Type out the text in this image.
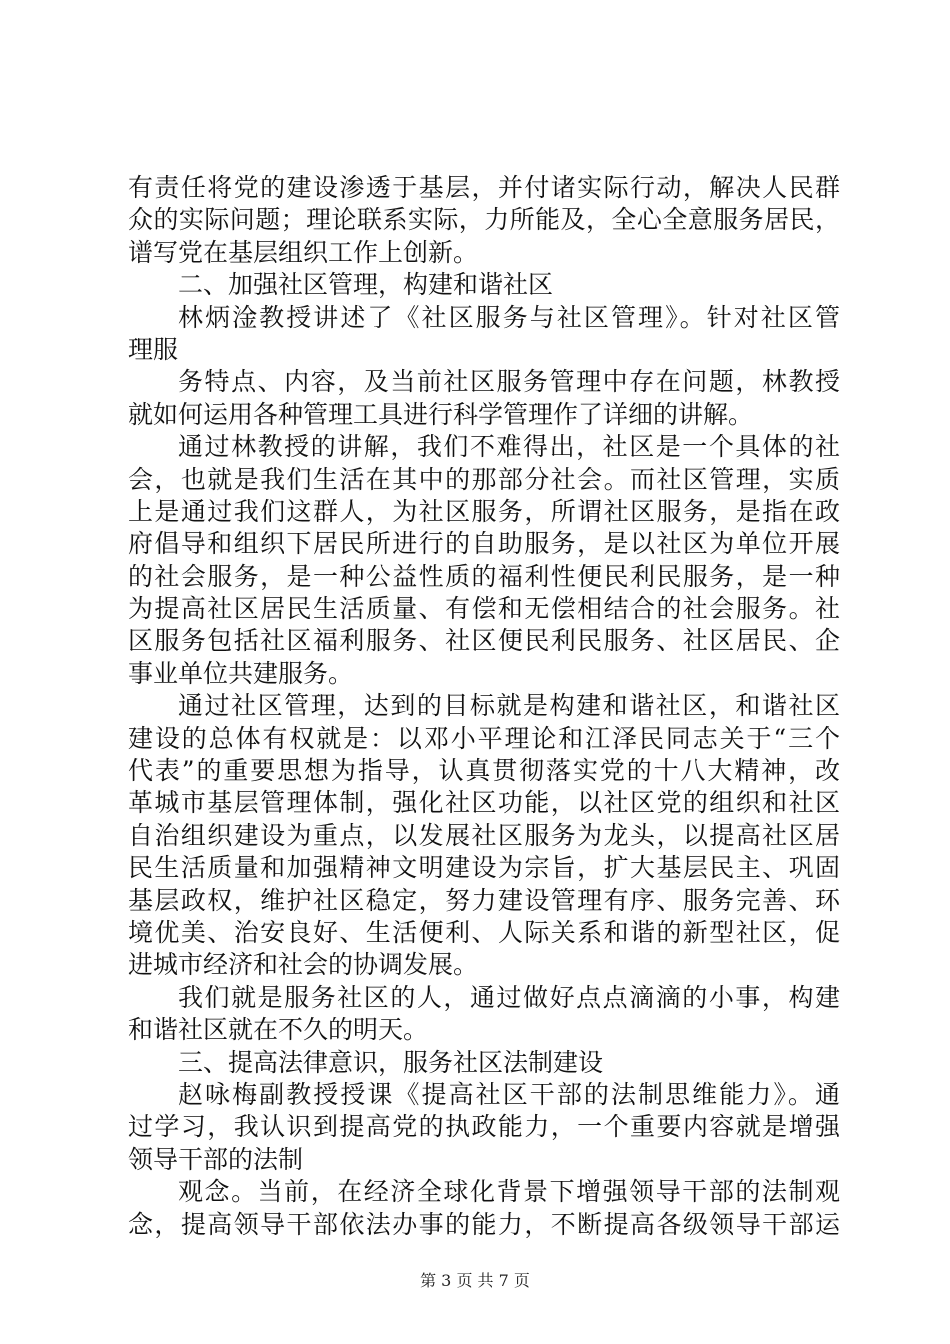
有责任将党的建设渗透于基层，并付诸实际行动，解决人民群
众的实际问题；理论联系实际，力所能及，全心全意服务居民，
谱写党在基层组织工作上创新。
二、加强社区管理，构建和谐社区
林炳淦教授讲述了《社区服务与社区管理》。针对社区管
理服
务特点、内容，及当前社区服务管理中存在问题，林教授
就如何运用各种管理工具进行科学管理作了详细的讲解。
通过林教授的讲解，我们不难得出，社区是一个具体的社
会，也就是我们生活在其中的那部分社会。而社区管理，实质
上是通过我们这群人，为社区服务，所谓社区服务，是指在政
府倡导和组织下居民所进行的自助服务，是以社区为单位开展
的社会服务，是一种公益性质的福利性便民利民服务，是一种
为提高社区居民生活质量、有偿和无偿相结合的社会服务。社
区服务包括社区福利服务、社区便民利民服务、社区居民、企
事业单位共建服务。
通过社区管理，达到的目标就是构建和谐社区，和谐社区
建设的总体有权就是：以邓小平理论和江泽民同志关于“三个
代表”的重要思想为指导，认真贯彻落实党的十八大精神，改
革城市基层管理体制，强化社区功能，以社区党的组织和社区
自治组织建设为重点，以发展社区服务为龙头，以提高社区居
民生活质量和加强精神文明建设为宗旨，扩大基层民主、巩固
基层政权，维护社区稳定，努力建设管理有序、服务完善、环
境优美、治安良好、生活便利、人际关系和谐的新型社区，促
进城市经济和社会的协调发展。
我们就是服务社区的人，通过做好点点滴滴的小事，构建
和谐社区就在不久的明天。
三、提高法律意识，服务社区法制建设
赵咏梅副教授授课《提高社区干部的法制思维能力》。通
过学习，我认识到提高党的执政能力，一个重要内容就是增强
领导干部的法制
观念。当前，在经济全球化背景下增强领导干部的法制观
念，提高领导干部依法办事的能力，不断提高各级领导干部运
第 3 页 共 7 页
